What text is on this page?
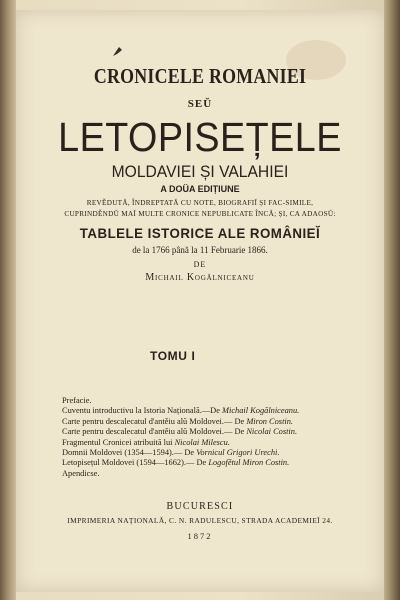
CRONICELE ROMANIEI
SEŬ
LETOPISEȚELE
MOLDAVIEI ȘI VALAHIEI
A DOÜA EDIȚIUNE
REVĚDUTĂ, ÎNDREPTATĂ CU NOTE, BIOGRAFIĬ ȘI FAC-SIMILE,
CUPRINDĚNDŬ MAĬ MULTE CRONICE NEPUBLICATE ÎNCĂ; ȘI, CA ADAOSŬ:
TABLELE ISTORICE ALE ROMÂNIEĬ
de la 1766 până la 11 Februarie 1866.
DE
Michail Kogălniceanu
TOMU I
Prefacie.
Cuventu introductivu la Istoria Națională.—De Michail Kogălniceanu.
Carte pentru descalecatul d'antěiu alŭ Moldovei.— De Miron Costin.
Carte pentru descalecatul d'antěiu alŭ Moldovei.— De Nicolai Costin.
Fragmentul Cronicei atribuită lui Nicolai Milescu.
Domnii Moldovei (1354—1594).— De Vornicul Grigori Urechi.
Letopisețul Moldovei (1594—1662).— De Logofětul Miron Costin.
Apendicse.
BUCURESCI
IMPRIMERIA NAȚIONALĂ, C. N. RADULESCU, STRADA ACADEMIEĬ 24.
1872
